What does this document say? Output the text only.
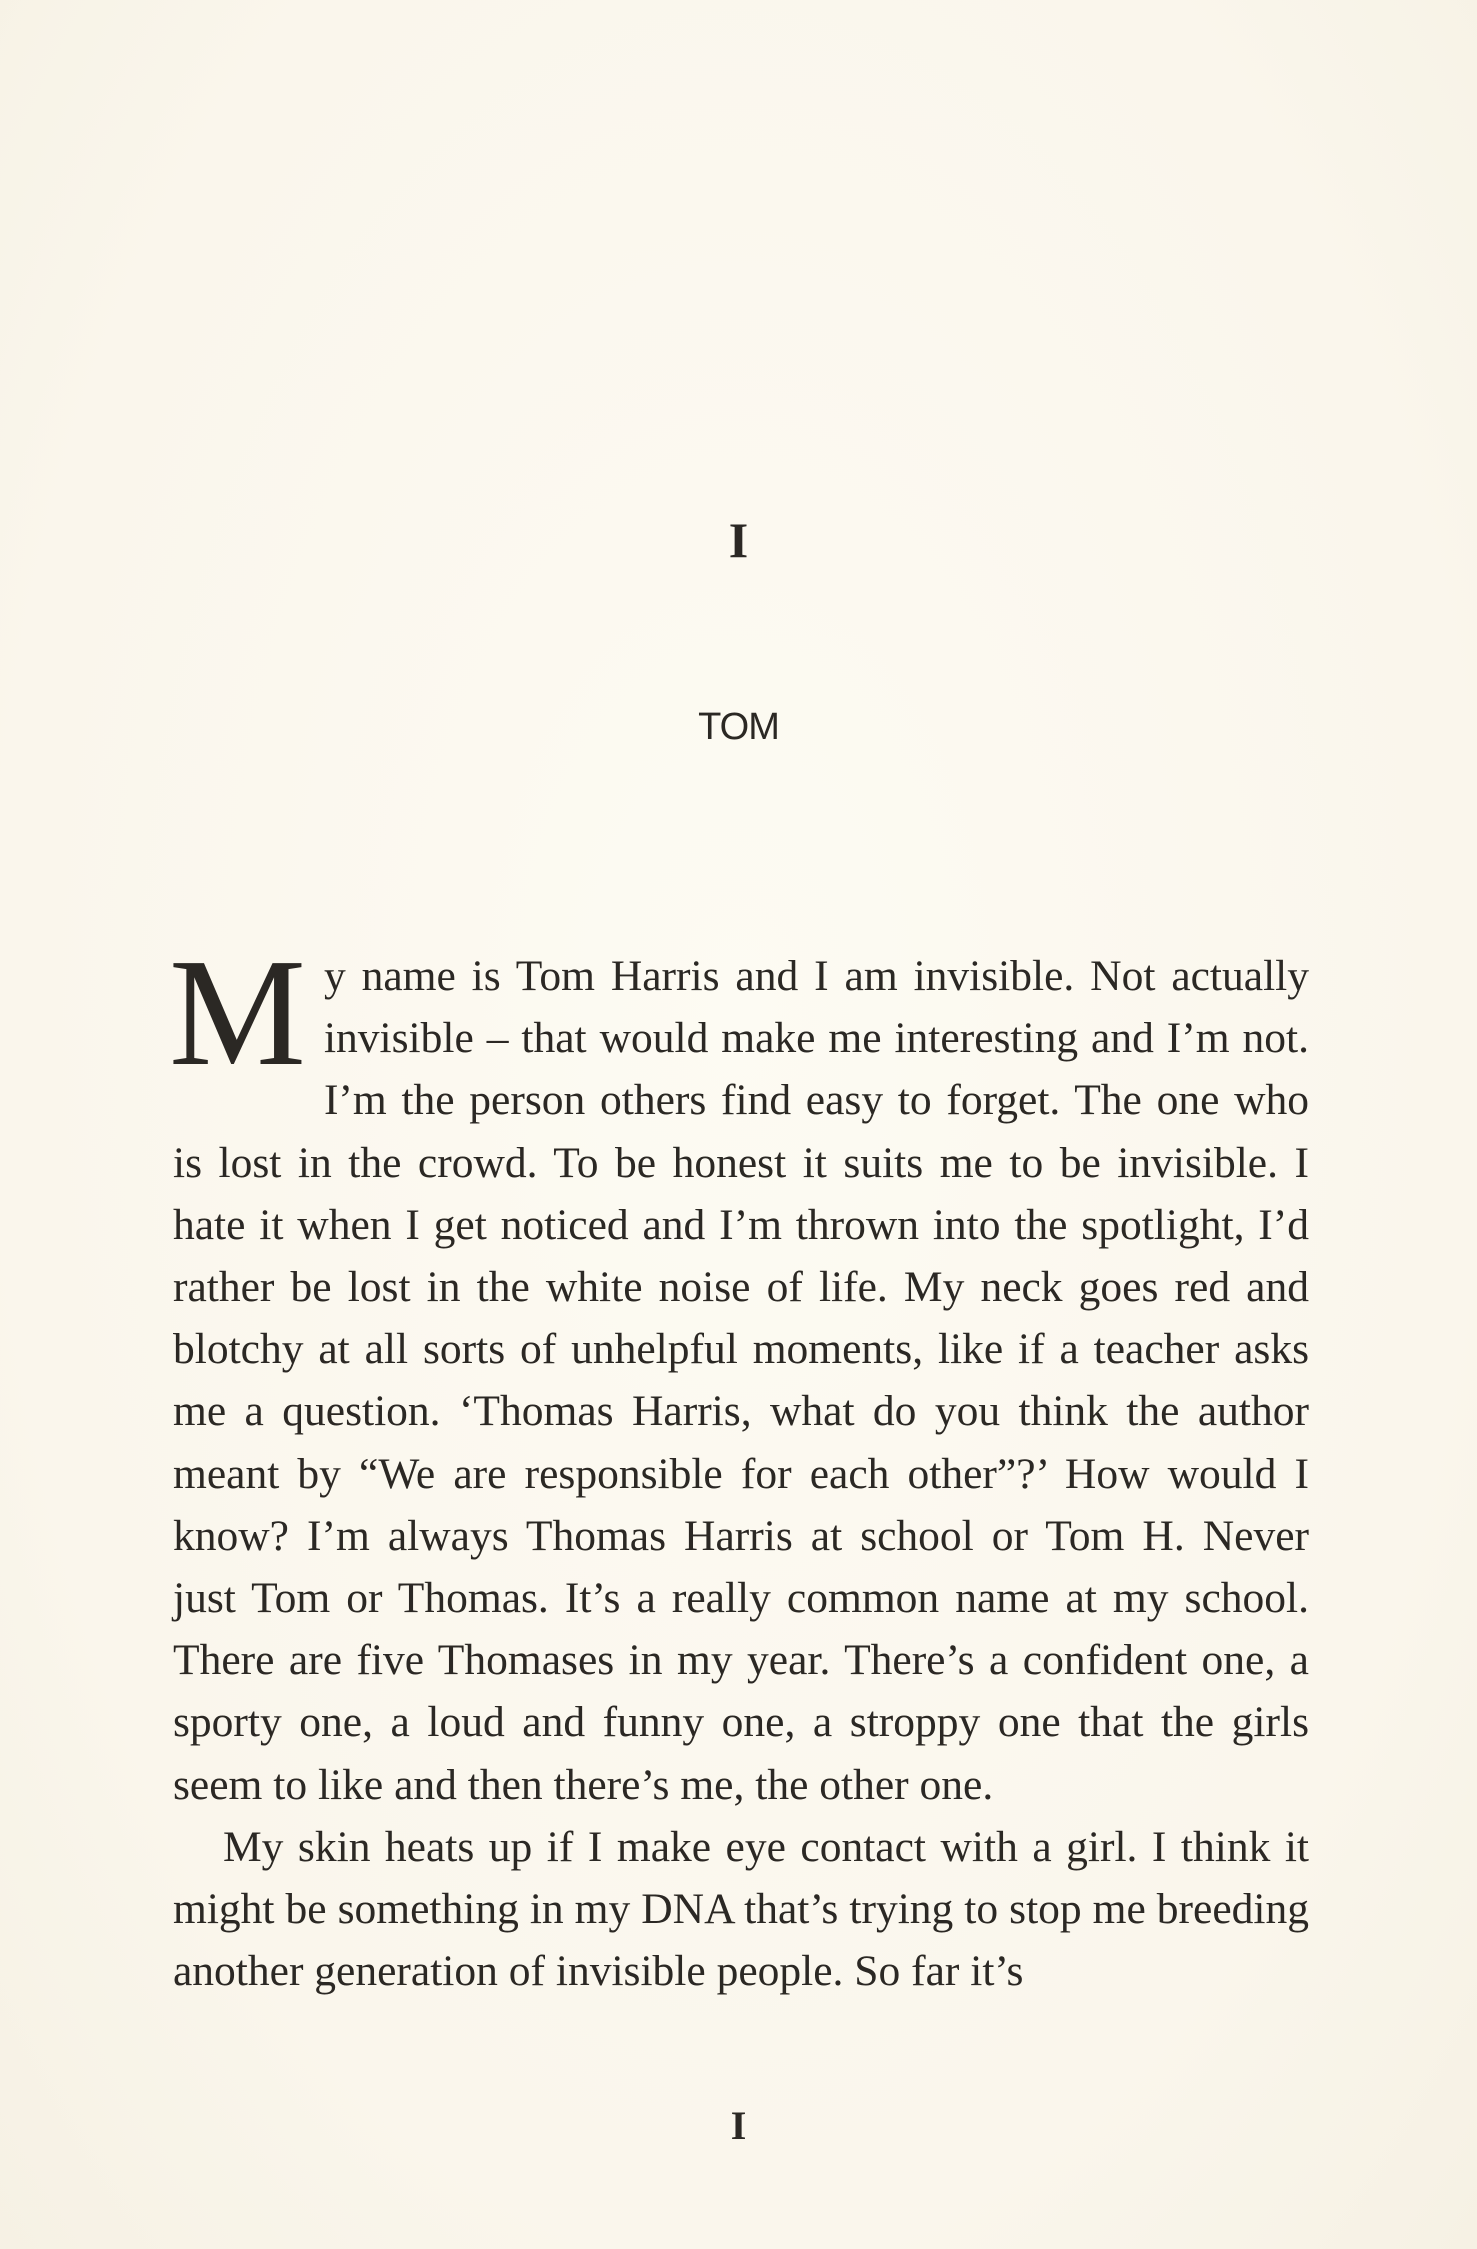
I
TOM

My name is Tom Harris and I am invisible. Not actually invisible – that would make me interesting and I’m not. I’m the person others find easy to forget. The one who is lost in the crowd. To be honest it suits me to be invisible. I hate it when I get noticed and I’m thrown into the spotlight, I’d rather be lost in the white noise of life. My neck goes red and blotchy at all sorts of unhelpful moments, like if a teacher asks me a question. ‘Thomas Harris, what do you think the author meant by “We are responsible for each other”?’ How would I know? I’m always Thomas Harris at school or Tom H. Never just Tom or Thomas. It’s a really common name at my school. There are five Thomases in my year. There’s a confident one, a sporty one, a loud and funny one, a stroppy one that the girls seem to like and then there’s me, the other one.

My skin heats up if I make eye contact with a girl. I think it might be something in my DNA that’s trying to stop me breeding another generation of invisible people. So far it’s

I
